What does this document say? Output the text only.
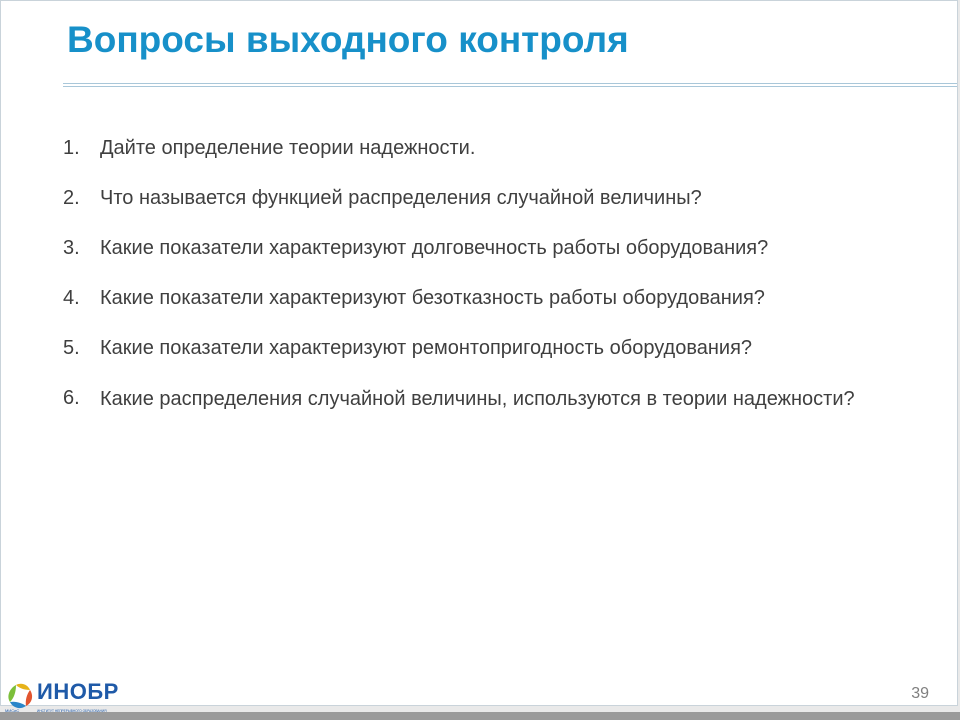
Вопросы выходного контроля
1.	Дайте определение теории надежности.
2.	Что называется функцией распределения случайной величины?
3.	Какие показатели характеризуют долговечность работы оборудования?
4.	Какие показатели характеризуют безотказность работы оборудования?
5.	Какие показатели характеризуют ремонтопригодность оборудования?
6.	Какие распределения случайной величины, используются в теории надежности?
39
МИСиС	ИНСТИТУТ НЕПРЕРЫВНОГО ОБРАЗОВАНИЯ
ИНОБР
